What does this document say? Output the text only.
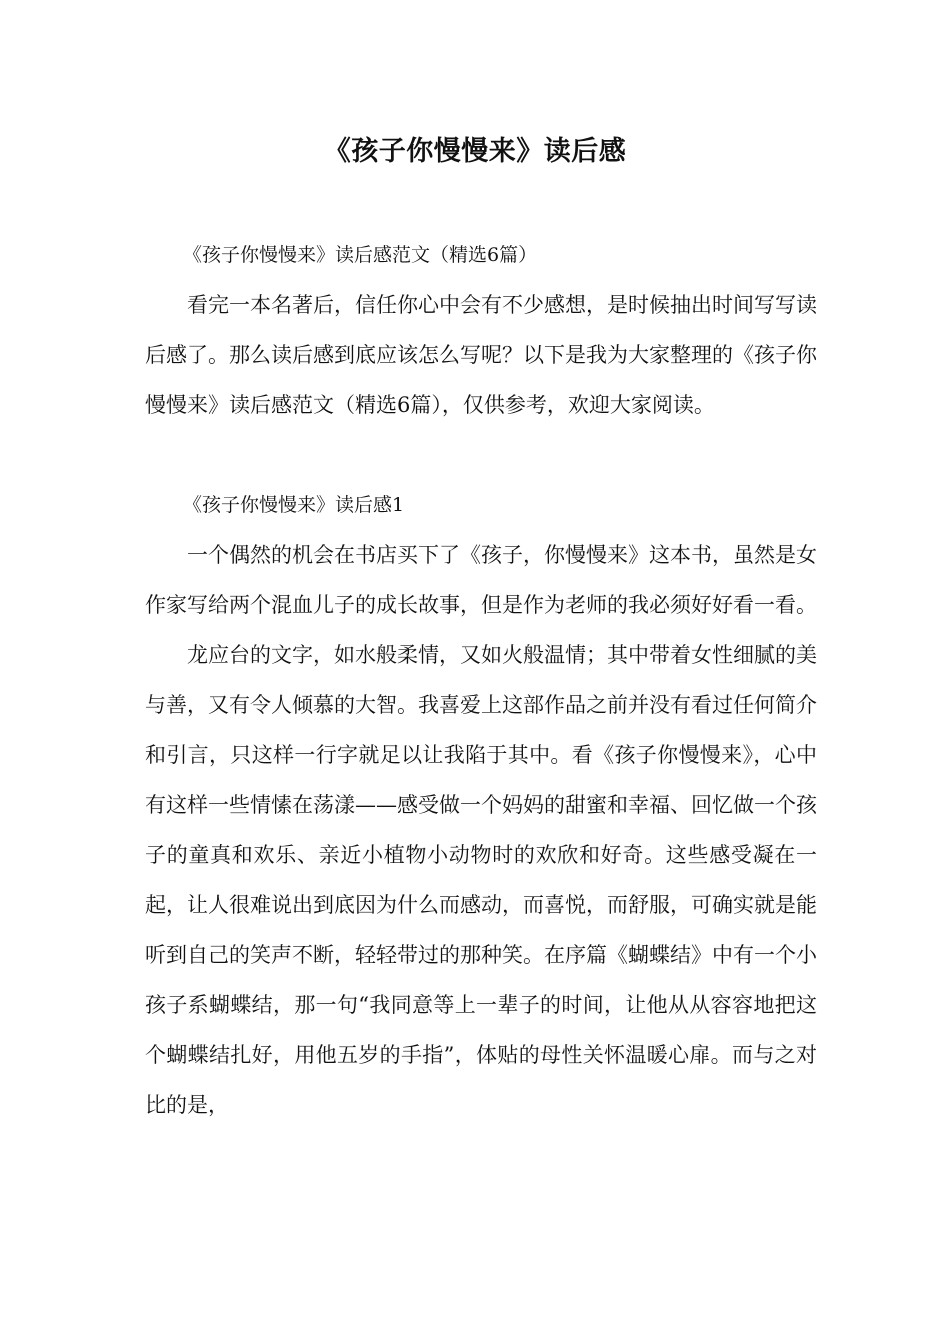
《孩子你慢慢来》读后感

《孩子你慢慢来》读后感范文（精选6篇）

看完一本名著后，信任你心中会有不少感想，是时候抽出时间写写读后感了。那么读后感到底应该怎么写呢？以下是我为大家整理的《孩子你慢慢来》读后感范文（精选6篇），仅供参考，欢迎大家阅读。

《孩子你慢慢来》读后感1

一个偶然的机会在书店买下了《孩子，你慢慢来》这本书，虽然是女作家写给两个混血儿子的成长故事，但是作为老师的我必须好好看一看。

龙应台的文字，如水般柔情，又如火般温情；其中带着女性细腻的美与善，又有令人倾慕的大智。我喜爱上这部作品之前并没有看过任何简介和引言，只这样一行字就足以让我陷于其中。看《孩子你慢慢来》，心中有这样一些情愫在荡漾——感受做一个妈妈的甜蜜和幸福、回忆做一个孩子的童真和欢乐、亲近小植物小动物时的欢欣和好奇。这些感受凝在一起，让人很难说出到底因为什么而感动，而喜悦，而舒服，可确实就是能听到自己的笑声不断，轻轻带过的那种笑。在序篇《蝴蝶结》中有一个小孩子系蝴蝶结，那一句“我同意等上一辈子的时间，让他从从容容地把这个蝴蝶结扎好，用他五岁的手指”，体贴的母性关怀温暖心扉。而与之对比的是，
